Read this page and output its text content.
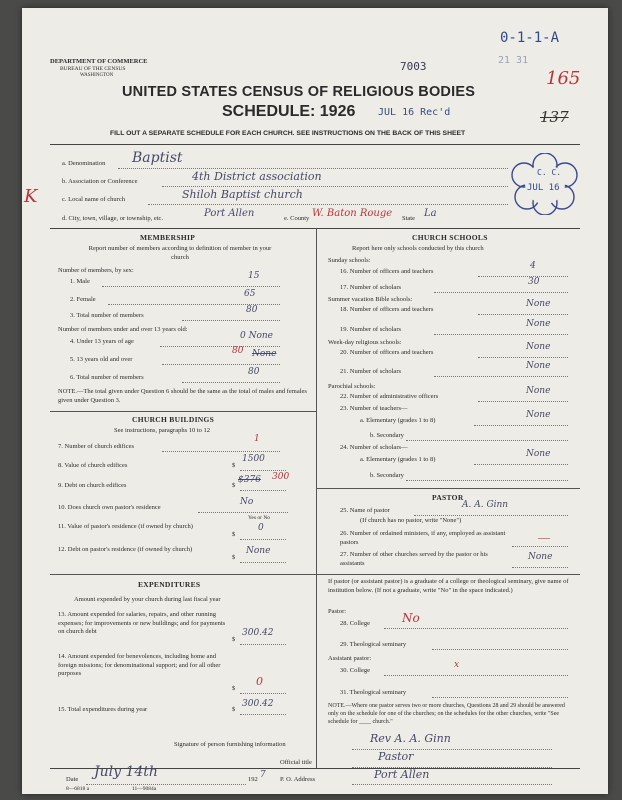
DEPARTMENT OF COMMERCE
BUREAU OF THE CENSUS
WASHINGTON
7003
0-1-1-A
21 31
165
137
UNITED STATES CENSUS OF RELIGIOUS BODIES
SCHEDULE: 1926 JUL 16 Rec'd
FILL OUT A SEPARATE SCHEDULE FOR EACH CHURCH. SEE INSTRUCTIONS ON THE BACK OF THIS SHEET
C. C.
JUL 16
K
a. Denomination Baptist
b. Association or Conference	4th District association
c. Local name of church	Shiloh Baptist church
d. City, town, village, or township, etc.	Port Allen	e. County W. Baton Rouge State La
MEMBERSHIP
Report number of members according to definition of member in your church
Number of members, by sex:
1. Male
15
2. Female
65
3. Total number of members
80
Number of members under and over 13 years old:
4. Under 13 years of age
0 None
5. 13 years old and over
80 None
6. Total number of members
80
NOTE.—The total given under Question 6 should be the same as the total of males and females given under Question 3.
CHURCH BUILDINGS
See instructions, paragraphs 10 to 12
7. Number of church edifices
1
8. Value of church edifices	$
1500
9. Debt on church edifices	$
$376 300
10. Does church own pastor's residence
No
Yes or No
11. Value of pastor's residence (if owned by church)
$
0
12. Debt on pastor's residence (if owned by church)
$
None
EXPENDITURES
Amount expended by your church during last fiscal year
13. Amount expended for salaries, repairs, and other running expenses; for improvements or new buildings; and for payments on church debt
$
300.42
14. Amount expended for benevolences, including home and foreign missions; for denominational support; and for all other purposes
$
0
15. Total expenditures during year	$
300.42
CHURCH SCHOOLS
Report here only schools conducted by this church
Sunday schools:
16. Number of officers and teachers
4
17. Number of scholars
30
Summer vacation Bible schools:
18. Number of officers and teachers
None
19. Number of scholars
None
Week-day religious schools:
20. Number of officers and teachers
None
21. Number of scholars
None
Parochial schools:
22. Number of administrative officers
None
23. Number of teachers—
a. Elementary (grades 1 to 8)
None
b. Secondary
24. Number of scholars—
a. Elementary (grades 1 to 8)
None
b. Secondary
PASTOR
25. Name of pastor
A. A. Ginn
(If church has no pastor, write "None")
26. Number of ordained ministers, if any, employed as assistant pastors	—
27. Number of other churches served by the pastor or his assistants
None
If pastor (or assistant pastor) is a graduate of a college or theological seminary, give name of institution below. (If not a graduate, write "No" in the space indicated.)
Pastor:
28. College	No
29. Theological seminary
Assistant pastor:
30. College
x
31. Theological seminary
NOTE.—Where one pastor serves two or more churches, Questions 28 and 29 should be answered only on the schedule for one of the churches; on the schedules for the other churches, write "See schedule for ____ church."
Signature of person furnishing information	Rev A. A. Ginn
Official title	Pastor
Date July 14th	192 7 P. O. Address	Port Allen
8—6818 a	11—9084a
